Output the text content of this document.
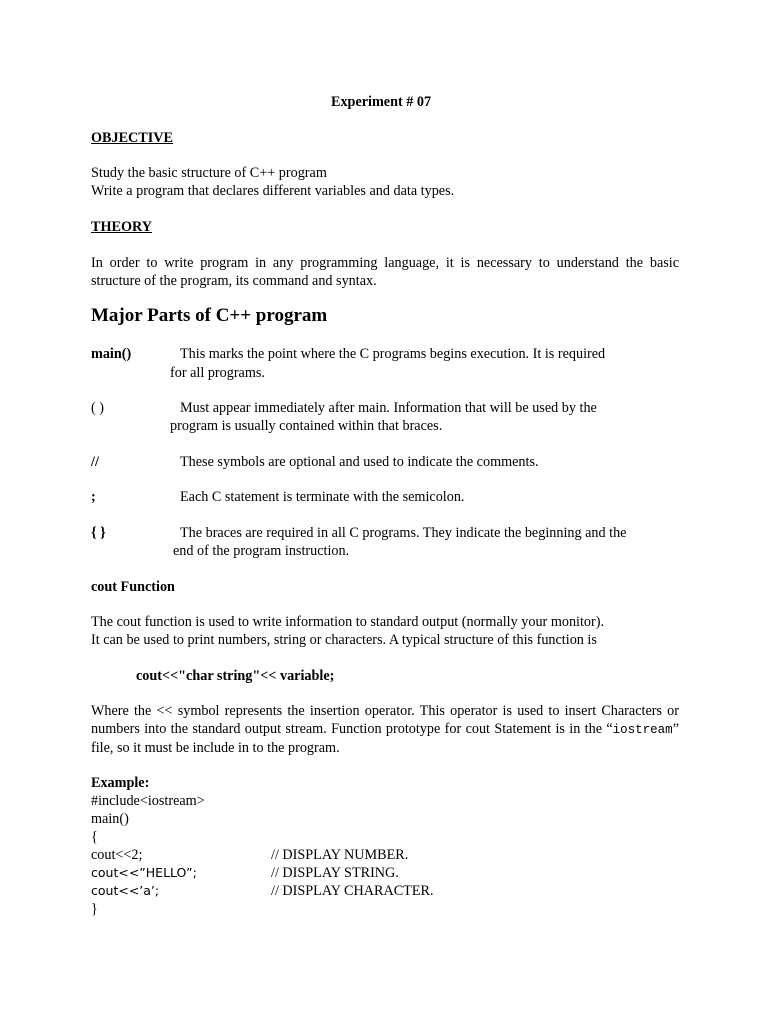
Experiment # 07
OBJECTIVE
Study the basic structure of C++ program
Write a program that declares different variables and data types.
THEORY
In order to write program in any programming language, it is necessary to understand the basic structure of the program, its command and syntax.
Major Parts of C++ program
main()	This marks the point where the C programs begins execution. It is required
for all programs.
( )	Must appear immediately after main. Information that will be used by the
program is usually contained within that braces.
//	These symbols are optional and used to indicate the comments.
;	Each C statement is terminate with the semicolon.
{ }	The braces are required in all C programs. They indicate the beginning and the
end of the program instruction.
cout Function
The cout function is used to write information to standard output (normally your monitor).
It can be used to print numbers, string or characters. A typical structure of this function is
cout<<"char string"<< variable;
Where the << symbol represents the insertion operator. This operator is used to insert Characters or numbers into the standard output stream. Function prototype for cout Statement is in the “iostream” file, so it must be include in to the program.
Example:
#include<iostream>
main()
{
cout<<2;	// DISPLAY NUMBER.
cout<<”HELLO”;	// DISPLAY STRING.
cout<<’a’;	// DISPLAY CHARACTER.
}
